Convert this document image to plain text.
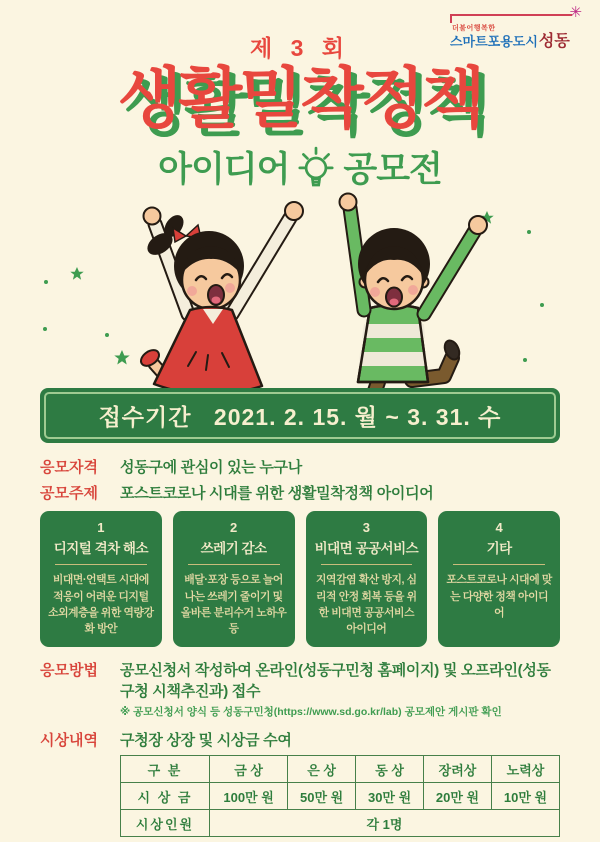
✳
더불어행복한
스마트포용도시성동
제 3 회
생활밀착정책
아이디어 공모전
접수기간 2021. 2. 15. 월 ~ 3. 31. 수
응모자격	성동구에 관심이 있는 누구나
공모주제	포스트코로나 시대를 위한 생활밀착정책 아이디어
1
디지털 격차 해소
비대면·언택트 시대에 적응이 어려운 디지털 소외계층을 위한 역량강화 방안
2
쓰레기 감소
배달·포장 등으로 늘어나는 쓰레기 줄이기 및 올바른 분리수거 노하우 등
3
비대면 공공서비스
지역감염 확산 방지, 심리적 안정 회복 등을 위한 비대면 공공서비스 아이디어
4
기타
포스트코로나 시대에 맞는 다양한 정책 아이디어
응모방법	공모신청서 작성하여 온라인(성동구민청 홈페이지) 및 오프라인(성동구청 시책추진과) 접수
※ 공모신청서 양식 등 성동구민청(https://www.sd.go.kr/lab) 공모제안 게시판 확인
시상내역	구청장 상장 및 시상금 수여
구 분	금 상	은 상	동 상	장려상	노력상
시 상 금	100만 원	50만 원	30만 원	20만 원	10만 원
시상인원	각 1명				
